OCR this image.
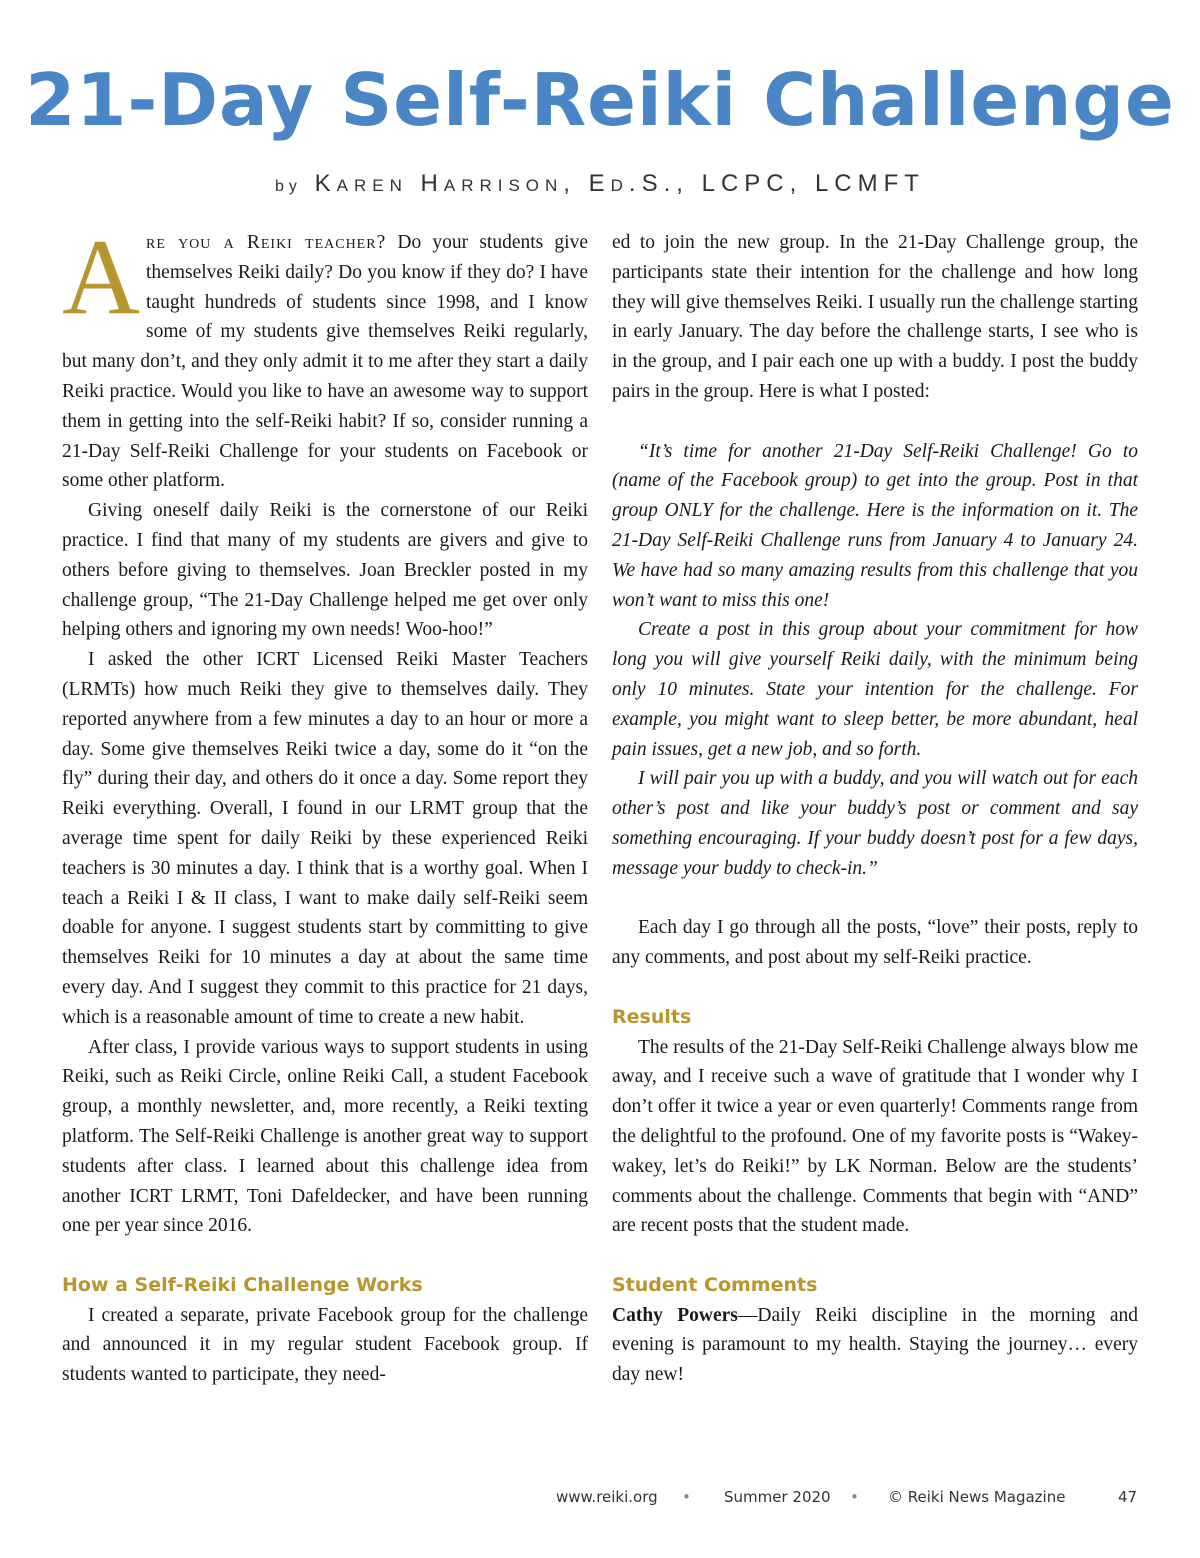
21-Day Self-Reiki Challenge
by Karen Harrison, Ed.S., LCPC, LCMFT

Are you a Reiki teacher? Do your students give themselves Reiki daily? Do you know if they do? I have taught hundreds of students since 1998, and I know some of my students give themselves Reiki regularly, but many don’t, and they only admit it to me after they start a daily Reiki practice. Would you like to have an awesome way to support them in getting into the self-Reiki habit? If so, consider running a 21-Day Self-Reiki Challenge for your students on Facebook or some other platform.

Giving oneself daily Reiki is the cornerstone of our Reiki practice. I find that many of my students are givers and give to others before giving to themselves. Joan Breckler posted in my challenge group, “The 21-Day Challenge helped me get over only helping others and ignoring my own needs! Woo-hoo!”

I asked the other ICRT Licensed Reiki Master Teachers (LRMTs) how much Reiki they give to themselves daily. They reported anywhere from a few minutes a day to an hour or more a day. Some give themselves Reiki twice a day, some do it “on the fly” during their day, and others do it once a day. Some report they Reiki everything. Overall, I found in our LRMT group that the average time spent for daily Reiki by these experienced Reiki teachers is 30 minutes a day. I think that is a worthy goal. When I teach a Reiki I & II class, I want to make daily self-Reiki seem doable for anyone. I suggest students start by committing to give themselves Reiki for 10 minutes a day at about the same time every day. And I suggest they commit to this practice for 21 days, which is a reasonable amount of time to create a new habit.

After class, I provide various ways to support students in using Reiki, such as Reiki Circle, online Reiki Call, a student Facebook group, a monthly newsletter, and, more recently, a Reiki texting platform. The Self-Reiki Challenge is another great way to support students after class. I learned about this challenge idea from another ICRT LRMT, Toni Dafeldecker, and have been running one per year since 2016.

How a Self-Reiki Challenge Works

I created a separate, private Facebook group for the challenge and announced it in my regular student Facebook group. If students wanted to participate, they need-

ed to join the new group. In the 21-Day Challenge group, the participants state their intention for the challenge and how long they will give themselves Reiki. I usually run the challenge starting in early January. The day before the challenge starts, I see who is in the group, and I pair each one up with a buddy. I post the buddy pairs in the group. Here is what I posted:

“It’s time for another 21-Day Self-Reiki Challenge! Go to (name of the Facebook group) to get into the group. Post in that group ONLY for the challenge. Here is the information on it. The 21-Day Self-Reiki Challenge runs from January 4 to January 24. We have had so many amazing results from this challenge that you won’t want to miss this one!

Create a post in this group about your commitment for how long you will give yourself Reiki daily, with the minimum being only 10 minutes. State your intention for the challenge. For example, you might want to sleep better, be more abundant, heal pain issues, get a new job, and so forth.

I will pair you up with a buddy, and you will watch out for each other’s post and like your buddy’s post or comment and say something encouraging. If your buddy doesn’t post for a few days, message your buddy to check-in.”

Each day I go through all the posts, “love” their posts, reply to any comments, and post about my self-Reiki practice.

Results

The results of the 21-Day Self-Reiki Challenge always blow me away, and I receive such a wave of gratitude that I wonder why I don’t offer it twice a year or even quarterly! Comments range from the delightful to the profound. One of my favorite posts is “Wakey-wakey, let’s do Reiki!” by LK Norman. Below are the students’ comments about the challenge. Comments that begin with “AND” are recent posts that the student made.

Student Comments

Cathy Powers—Daily Reiki discipline in the morning and evening is paramount to my health. Staying the journey… every day new!

www.reiki.org • Summer 2020 • © Reiki News Magazine	47
